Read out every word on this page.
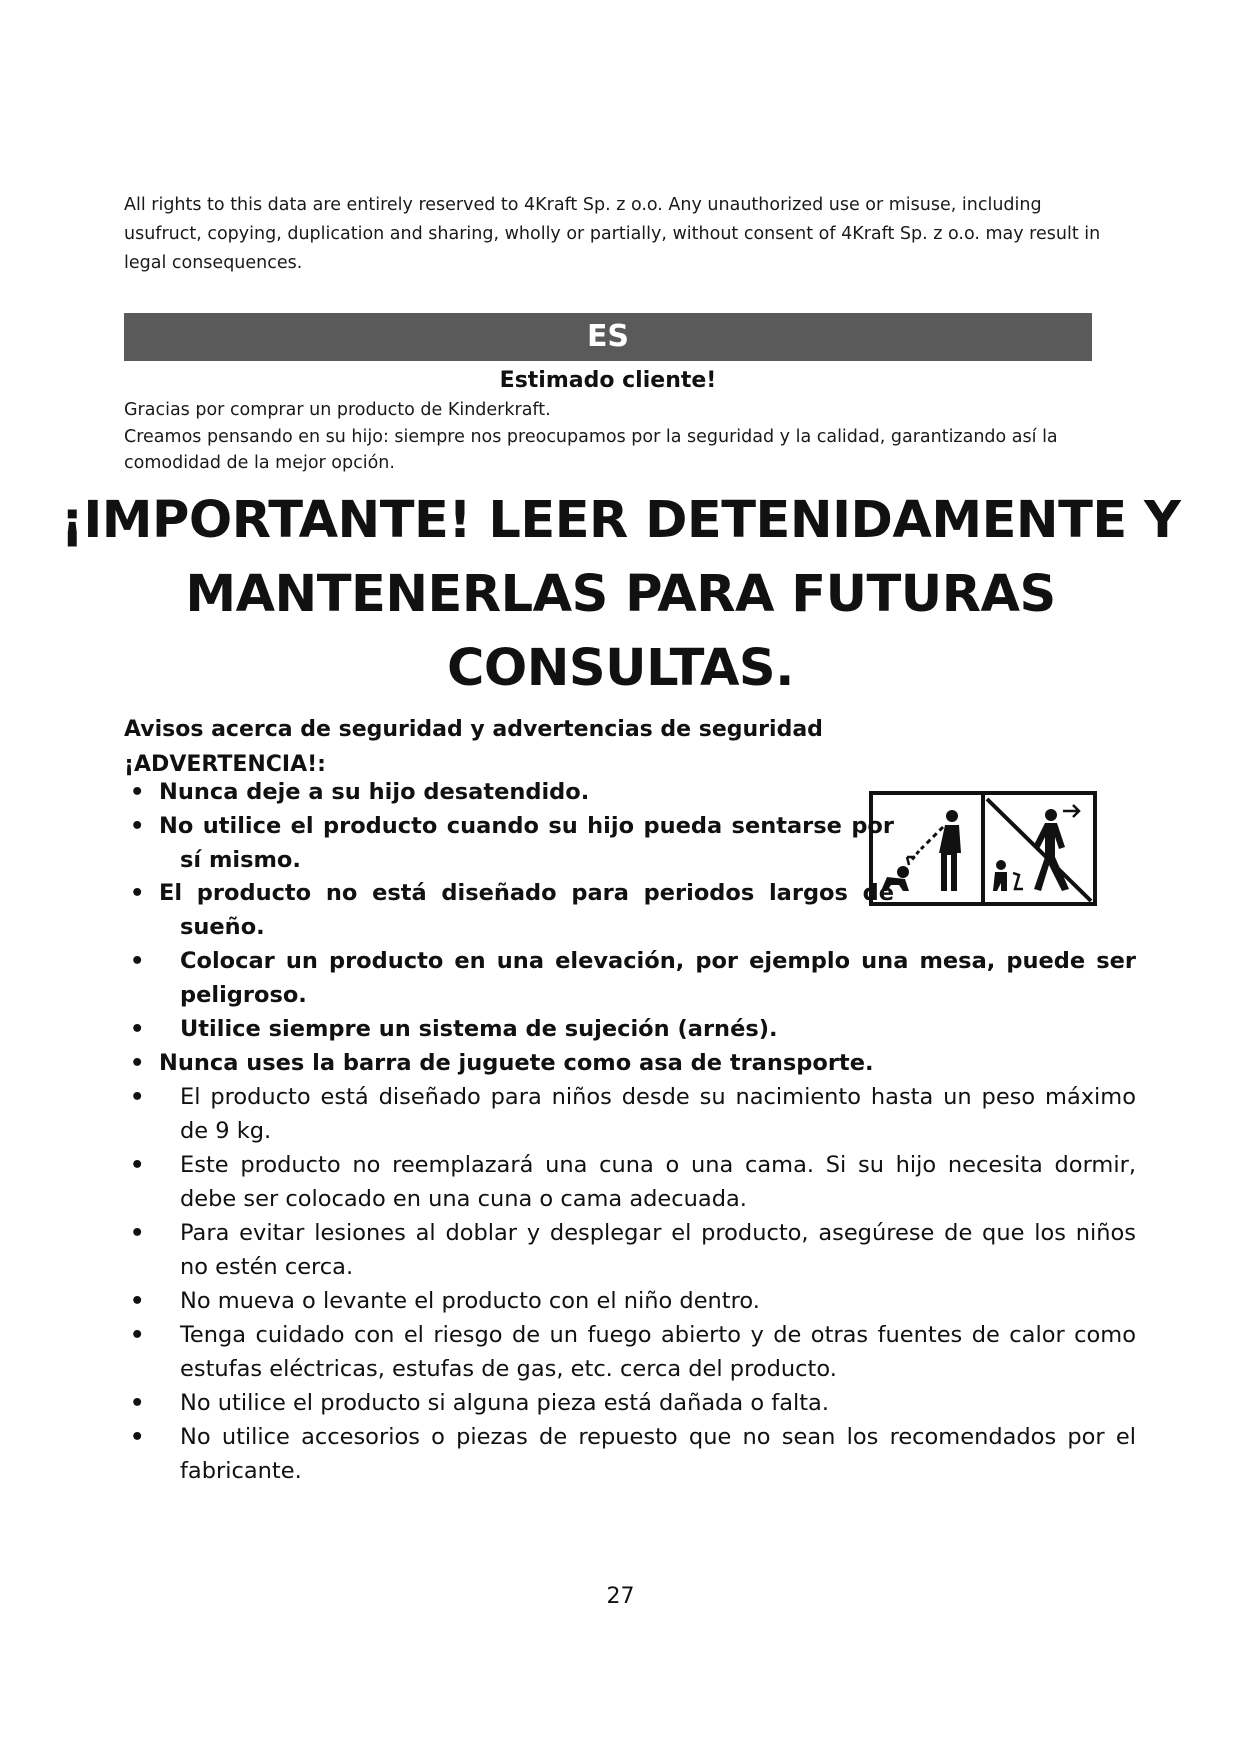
All rights to this data are entirely reserved to 4Kraft Sp. z o.o. Any unauthorized use or misuse, including usufruct, copying, duplication and sharing, wholly or partially, without consent of 4Kraft Sp. z o.o. may result in legal consequences.

ES

Estimado cliente!

Gracias por comprar un producto de Kinderkraft.
Creamos pensando en su hijo: siempre nos preocupamos por la seguridad y la calidad, garantizando así la comodidad de la mejor opción.

¡IMPORTANTE! LEER DETENIDAMENTE Y MANTENERLAS PARA FUTURAS CONSULTAS.

Avisos acerca de seguridad y advertencias de seguridad

¡ADVERTENCIA!:

• Nunca deje a su hijo desatendido.
• No utilice el producto cuando su hijo pueda sentarse por sí mismo.
• El producto no está diseñado para periodos largos de sueño.
•	Colocar un producto en una elevación, por ejemplo una mesa, puede ser peligroso.
•	Utilice siempre un sistema de sujeción (arnés).
• Nunca uses la barra de juguete como asa de transporte.
•	El producto está diseñado para niños desde su nacimiento hasta un peso máximo de 9 kg.
•	Este producto no reemplazará una cuna o una cama. Si su hijo necesita dormir, debe ser colocado en una cuna o cama adecuada.
•	Para evitar lesiones al doblar y desplegar el producto, asegúrese de que los niños no estén cerca.
•	No mueva o levante el producto con el niño dentro.
•	Tenga cuidado con el riesgo de un fuego abierto y de otras fuentes de calor como estufas eléctricas, estufas de gas, etc. cerca del producto.
•	No utilice el producto si alguna pieza está dañada o falta.
•	No utilice accesorios o piezas de repuesto que no sean los recomendados por el fabricante.
27
